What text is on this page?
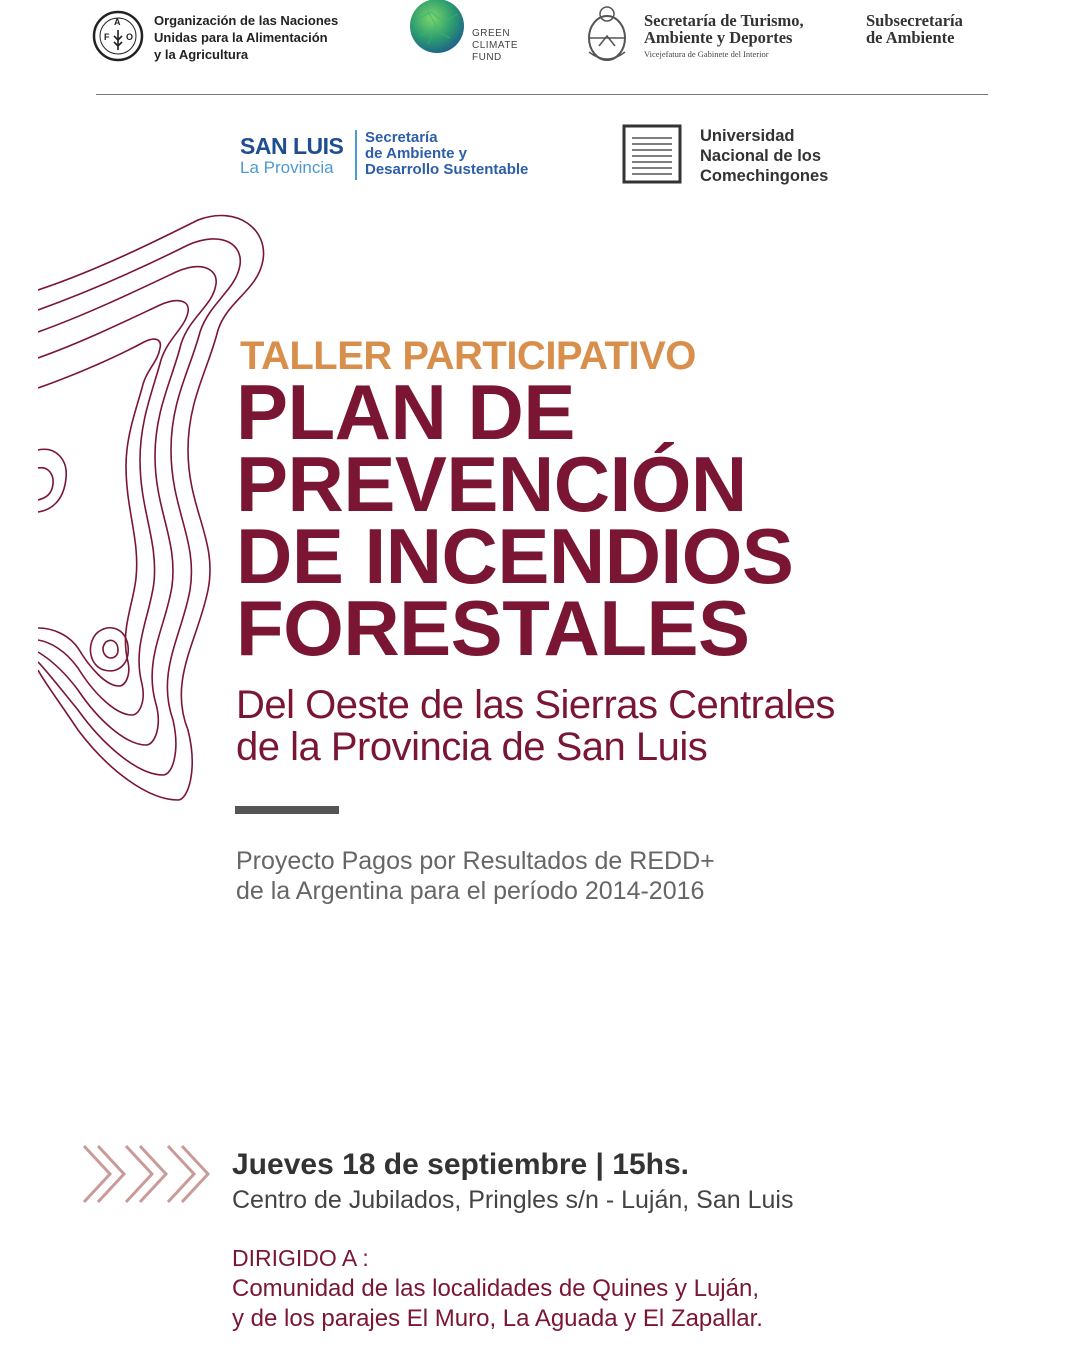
F
A
O
Organización de las Naciones
Unidas para la Alimentación
y la Agricultura
GREEN
CLIMATE
FUND
Secretaría de Turismo,
Ambiente y Deportes
Vicejefatura de Gabinete del Interior
Subsecretaría
de Ambiente
SAN LUIS
La Provincia
Secretaría
de Ambiente y
Desarrollo Sustentable
Universidad
Nacional de los
Comechingones
TALLER PARTICIPATIVO
PLAN DE
PREVENCIÓN
DE INCENDIOS
FORESTALES
Del Oeste de las Sierras Centrales
de la Provincia de San Luis
Proyecto Pagos por Resultados de REDD+
de la Argentina para el período 2014-2016
Jueves 18 de septiembre | 15hs.
Centro de Jubilados, Pringles s/n - Luján, San Luis
DIRIGIDO A :
Comunidad de las localidades de Quines y Luján,
y de los parajes El Muro, La Aguada y El Zapallar.
